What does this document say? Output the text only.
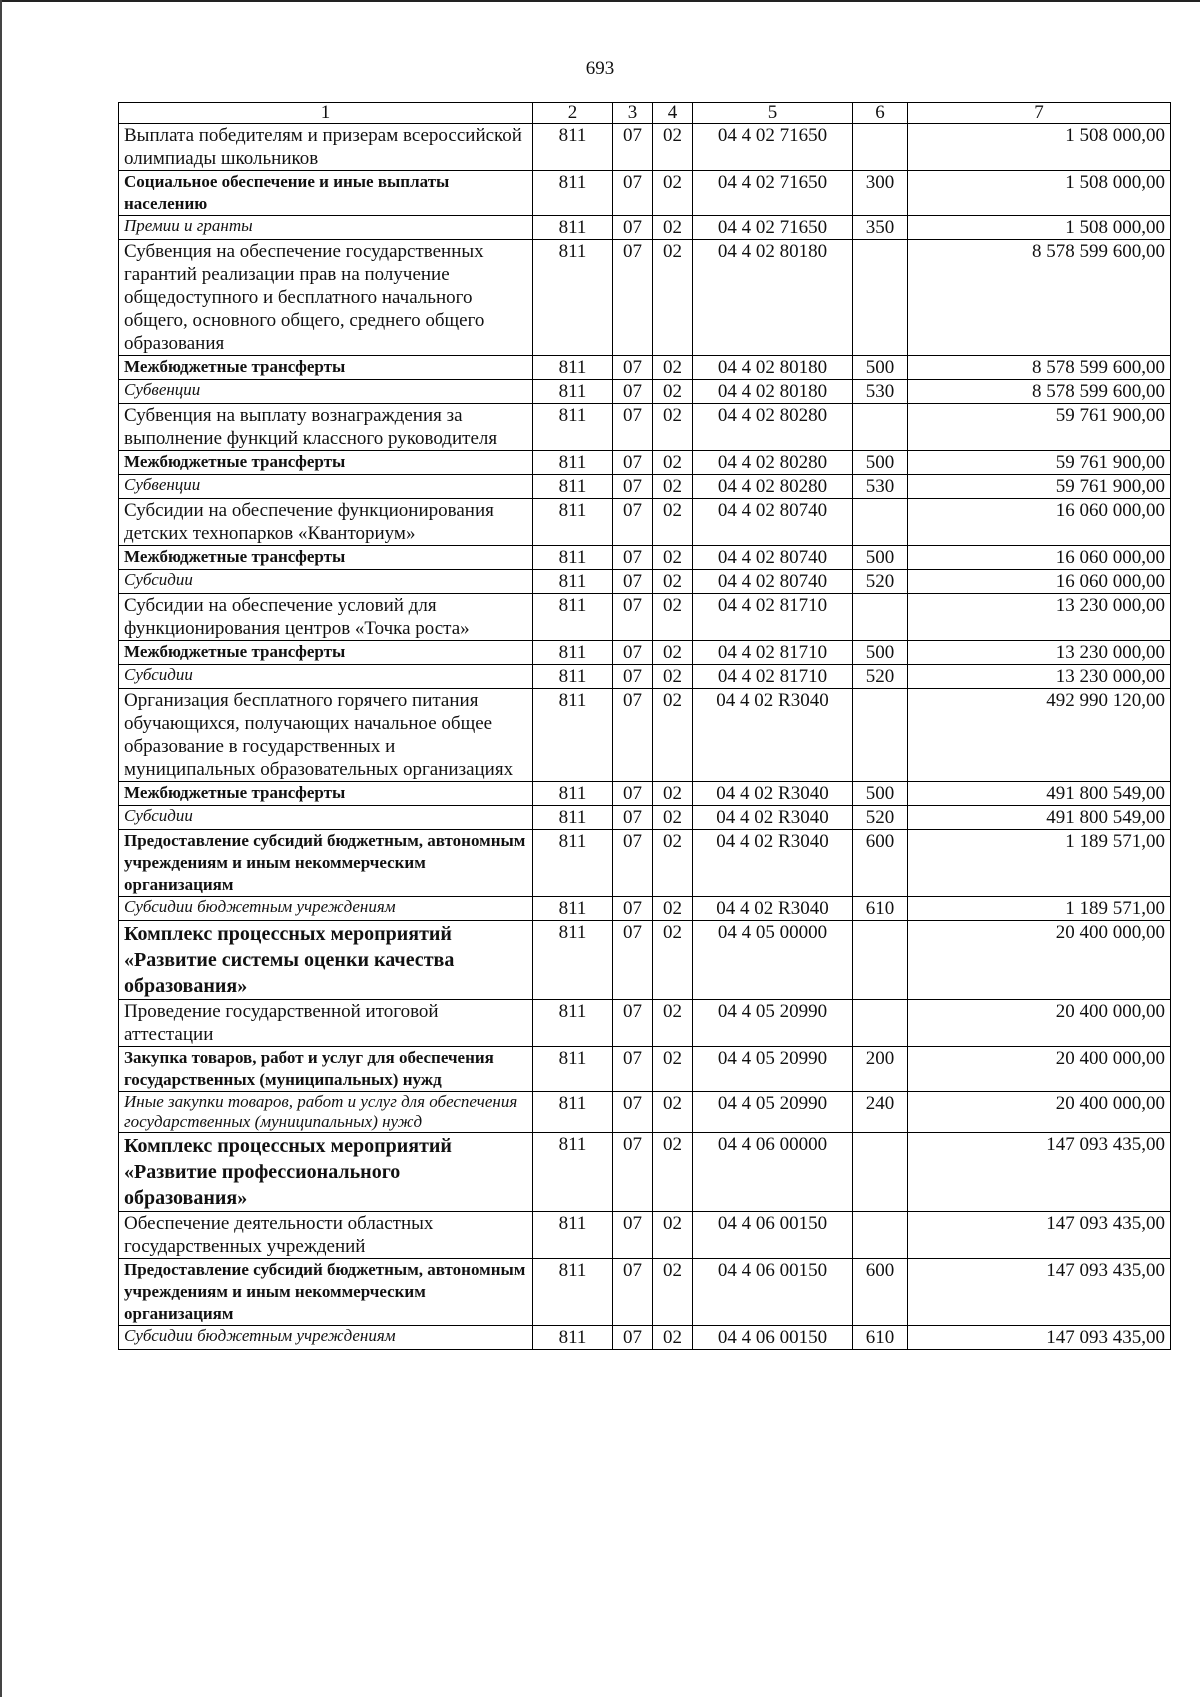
693
1	2	3	4	5	6	7
Выплата победителям и призерам всероссийской олимпиады школьников	811	07	02	04 4 02 71650		1 508 000,00
Социальное обеспечение и иные выплаты населению	811	07	02	04 4 02 71650	300	1 508 000,00
Премии и гранты	811	07	02	04 4 02 71650	350	1 508 000,00
Субвенция на обеспечение государственных гарантий реализации прав на получение общедоступного и бесплатного начального общего, основного общего, среднего общего образования	811	07	02	04 4 02 80180		8 578 599 600,00
Межбюджетные трансферты	811	07	02	04 4 02 80180	500	8 578 599 600,00
Субвенции	811	07	02	04 4 02 80180	530	8 578 599 600,00
Субвенция на выплату вознаграждения за выполнение функций классного руководителя	811	07	02	04 4 02 80280		59 761 900,00
Межбюджетные трансферты	811	07	02	04 4 02 80280	500	59 761 900,00
Субвенции	811	07	02	04 4 02 80280	530	59 761 900,00
Субсидии на обеспечение функционирования детских технопарков «Кванториум»	811	07	02	04 4 02 80740		16 060 000,00
Межбюджетные трансферты	811	07	02	04 4 02 80740	500	16 060 000,00
Субсидии	811	07	02	04 4 02 80740	520	16 060 000,00
Субсидии на обеспечение условий для функционирования центров «Точка роста»	811	07	02	04 4 02 81710		13 230 000,00
Межбюджетные трансферты	811	07	02	04 4 02 81710	500	13 230 000,00
Субсидии	811	07	02	04 4 02 81710	520	13 230 000,00
Организация бесплатного горячего питания обучающихся, получающих начальное общее образование в государственных и муниципальных образовательных организациях	811	07	02	04 4 02 R3040		492 990 120,00
Межбюджетные трансферты	811	07	02	04 4 02 R3040	500	491 800 549,00
Субсидии	811	07	02	04 4 02 R3040	520	491 800 549,00
Предоставление субсидий бюджетным, автономным учреждениям и иным некоммерческим организациям	811	07	02	04 4 02 R3040	600	1 189 571,00
Субсидии бюджетным учреждениям	811	07	02	04 4 02 R3040	610	1 189 571,00
Комплекс процессных мероприятий «Развитие системы оценки качества образования»	811	07	02	04 4 05 00000		20 400 000,00
Проведение государственной итоговой аттестации	811	07	02	04 4 05 20990		20 400 000,00
Закупка товаров, работ и услуг для обеспечения государственных (муниципальных) нужд	811	07	02	04 4 05 20990	200	20 400 000,00
Иные закупки товаров, работ и услуг для обеспечения государственных (муниципальных) нужд	811	07	02	04 4 05 20990	240	20 400 000,00
Комплекс процессных мероприятий «Развитие профессионального образования»	811	07	02	04 4 06 00000		147 093 435,00
Обеспечение деятельности областных государственных учреждений	811	07	02	04 4 06 00150		147 093 435,00
Предоставление субсидий бюджетным, автономным учреждениям и иным некоммерческим организациям	811	07	02	04 4 06 00150	600	147 093 435,00
Субсидии бюджетным учреждениям	811	07	02	04 4 06 00150	610	147 093 435,00
